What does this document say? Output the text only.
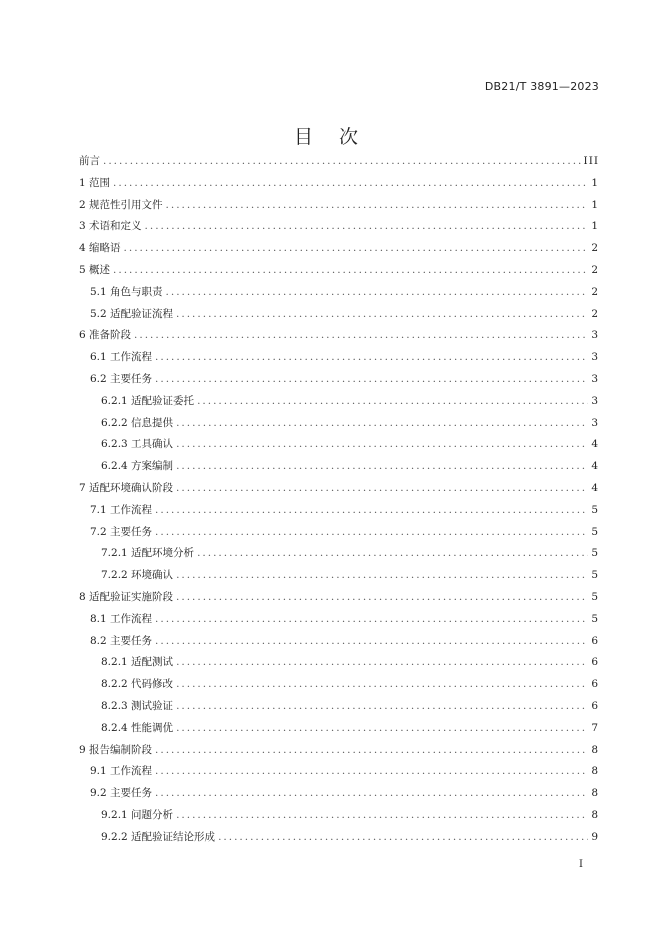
DB21/T 3891—2023
目 次
前言 .....	III
1 范围 .....	1
2 规范性引用文件 .....	1
3 术语和定义 .....	1
4 缩略语 .....	2
5 概述 .....	2
5.1 角色与职责 .....	2
5.2 适配验证流程 .....	2
6 准备阶段 .....	3
6.1 工作流程 .....	3
6.2 主要任务 .....	3
6.2.1 适配验证委托 .....	3
6.2.2 信息提供 .....	3
6.2.3 工具确认 .....	4
6.2.4 方案编制 .....	4
7 适配环境确认阶段 .....	4
7.1 工作流程 .....	5
7.2 主要任务 .....	5
7.2.1 适配环境分析 .....	5
7.2.2 环境确认 .....	5
8 适配验证实施阶段 .....	5
8.1 工作流程 .....	5
8.2 主要任务 .....	6
8.2.1 适配测试 .....	6
8.2.2 代码修改 .....	6
8.2.3 测试验证 .....	6
8.2.4 性能调优 .....	7
9 报告编制阶段 .....	8
9.1 工作流程 .....	8
9.2 主要任务 .....	8
9.2.1 问题分析 .....	8
9.2.2 适配验证结论形成 .....	9
I
